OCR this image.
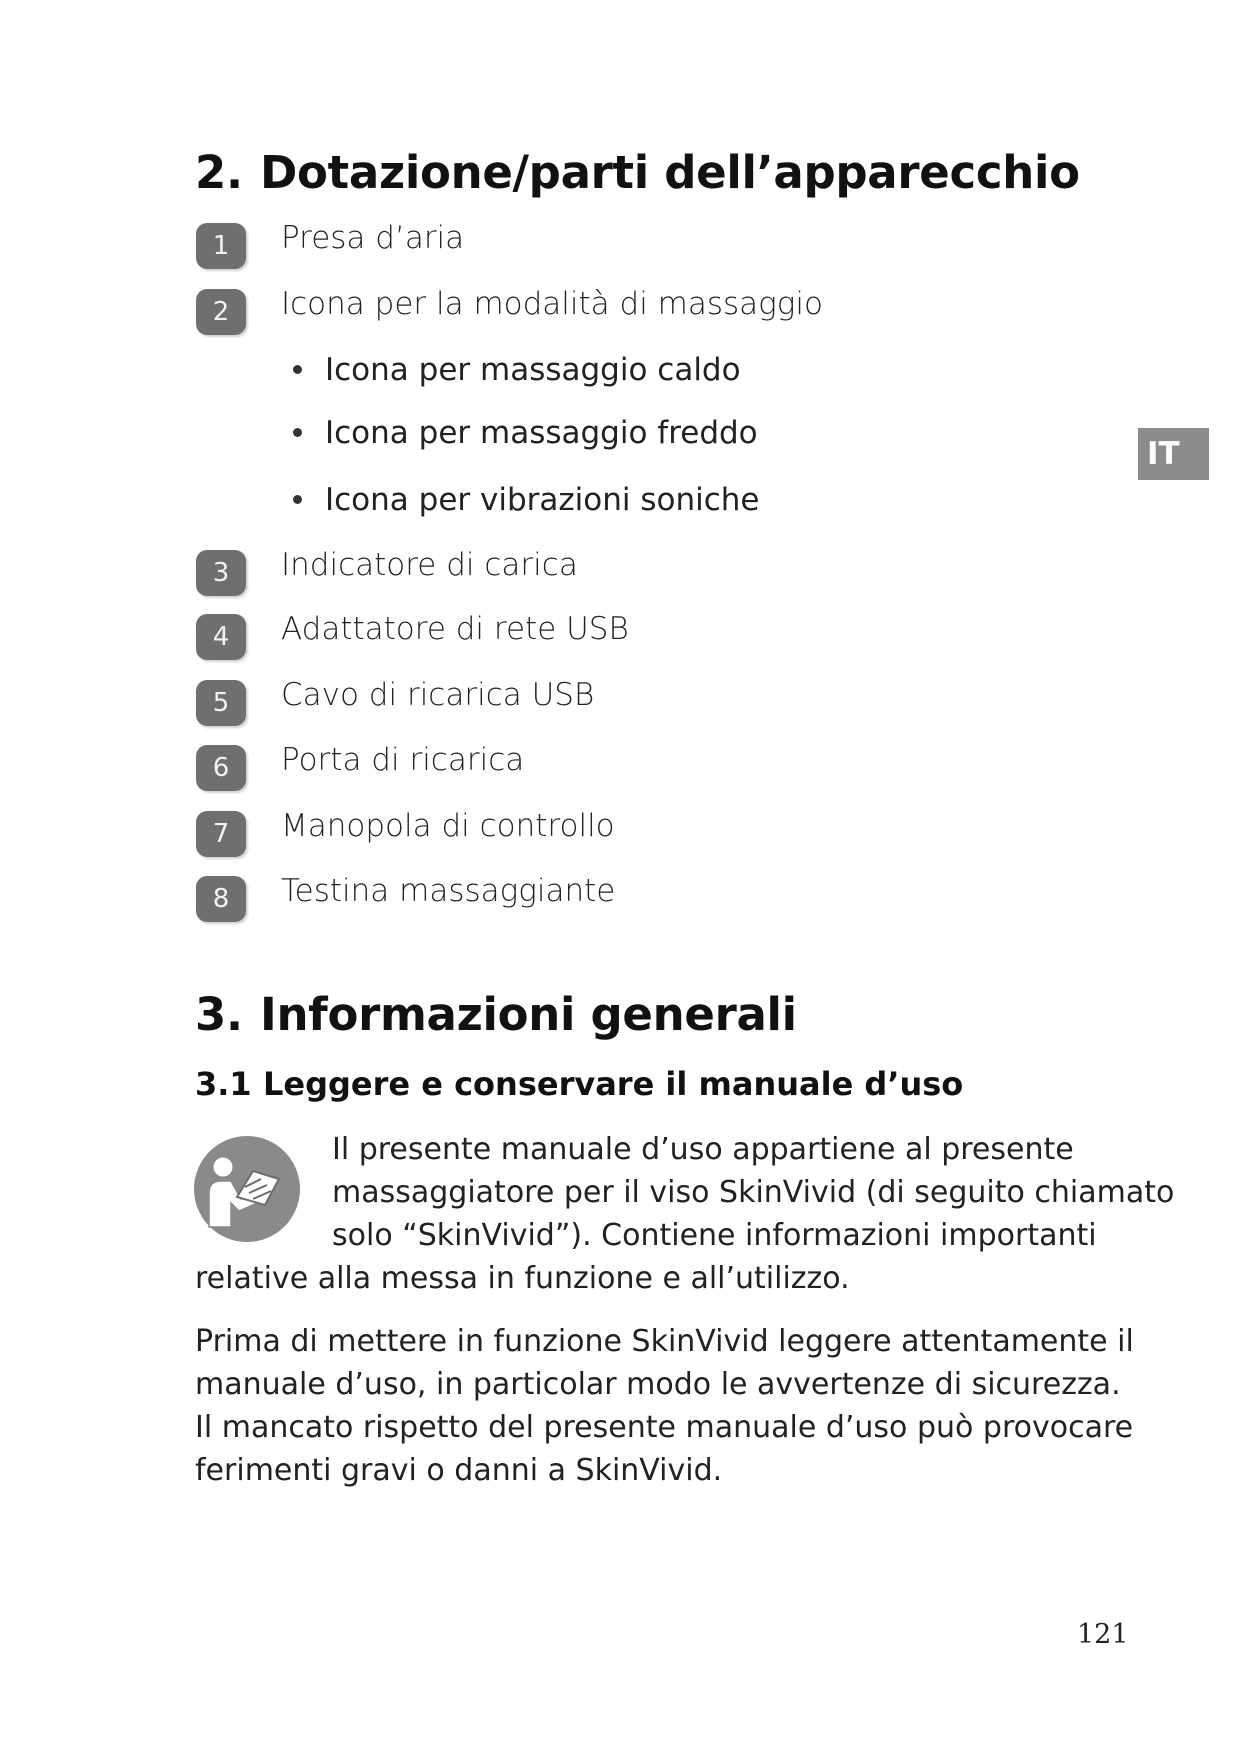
2. Dotazione/parti dell’apparecchio
1	Presa d’aria
2	Icona per la modalità di massaggio
Icona per massaggio caldo
Icona per massaggio freddo
Icona per vibrazioni soniche
3	Indicatore di carica
4	Adattatore di rete USB
5	Cavo di ricarica USB
6	Porta di ricarica
7	Manopola di controllo
8	Testina massaggiante
IT
3. Informazioni generali
3.1 Leggere e conservare il manuale d’uso
Il presente manuale d’uso appartiene al presente
massaggiatore per il viso SkinVivid (di seguito chiamato
solo “SkinVivid”). Contiene informazioni importanti
relative alla messa in funzione e all’utilizzo.
Prima di mettere in funzione SkinVivid leggere attentamente il
manuale d’uso, in particolar modo le avvertenze di sicurezza.
Il mancato rispetto del presente manuale d’uso può provocare
ferimenti gravi o danni a SkinVivid.
121
